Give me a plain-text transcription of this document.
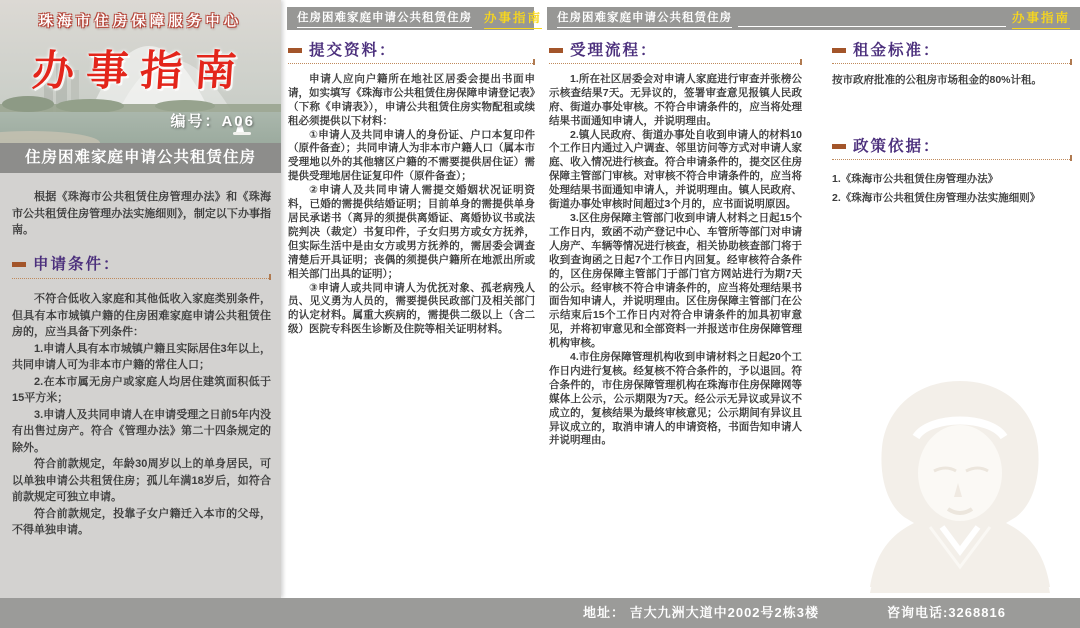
珠海市住房保障服务中心
办事指南
编号：A06
住房困难家庭申请公共租赁住房

根据《珠海市公共租赁住房管理办法》和《珠海市公共租赁住房管理办法实施细则》，制定以下办事指南。

申请条件：

不符合低收入家庭和其他低收入家庭类别条件，但具有本市城镇户籍的住房困难家庭申请公共租赁住房的，应当具备下列条件：

1.申请人具有本市城镇户籍且实际居住3年以上，共同申请人可为非本市户籍的常住人口；

2.在本市属无房户或家庭人均居住建筑面积低于15平方米；

3.申请人及共同申请人在申请受理之日前5年内没有出售过房产。符合《管理办法》第二十四条规定的除外。

符合前款规定，年龄30周岁以上的单身居民，可以单独申请公共租赁住房；孤儿年满18岁后，如符合前款规定可独立申请。

符合前款规定，投靠子女户籍迁入本市的父母，不得单独申请。

住房困难家庭申请公共租赁住房 办事指南 住房困难家庭申请公共租赁住房	办事指南
提交资料：

申请人应向户籍所在地社区居委会提出书面申请，如实填写《珠海市公共租赁住房保障申请登记表》（下称《申请表》），申请公共租赁住房实物配租或续租必须提供以下材料：

①申请人及共同申请人的身份证、户口本复印件（原件备查）；共同申请人为非本市户籍人口（属本市受理地以外的其他辖区户籍的不需要提供居住证）需提供受理地居住证复印件（原件备查）；

②申请人及共同申请人需提交婚姻状况证明资料，已婚的需提供结婚证明；目前单身的需提供单身居民承诺书（离异的须提供离婚证、离婚协议书或法院判决（裁定）书复印件，子女归男方或女方抚养，但实际生活中是由女方或男方抚养的，需居委会调查清楚后开具证明；丧偶的须提供户籍所在地派出所或相关部门出具的证明）；

③申请人或共同申请人为优抚对象、孤老病残人员、见义勇为人员的，需要提供民政部门及相关部门的认定材料。属重大疾病的，需提供二级以上（含二级）医院专科医生诊断及住院等相关证明材料。

受理流程：

1.所在社区居委会对申请人家庭进行审查并张榜公示核查结果7天。无异议的，签署审查意见报镇人民政府、街道办事处审核。不符合申请条件的，应当将处理结果书面通知申请人，并说明理由。

2.镇人民政府、街道办事处自收到申请人的材料10个工作日内通过入户调查、邻里访问等方式对申请人家庭、收入情况进行核查。符合申请条件的，提交区住房保障主管部门审核。对审核不符合申请条件的，应当将处理结果书面通知申请人，并说明理由。镇人民政府、街道办事处审核时间超过3个月的，应书面说明原因。

3.区住房保障主管部门收到申请人材料之日起15个工作日内，致函不动产登记中心、车管所等部门对申请人房产、车辆等情况进行核查，相关协助核查部门将于收到查询函之日起7个工作日内回复。经审核符合条件的，区住房保障主管部门于部门官方网站进行为期7天的公示。经审核不符合申请条件的，应当将处理结果书面告知申请人，并说明理由。区住房保障主管部门在公示结束后15个工作日内对符合申请条件的加具初审意见，并将初审意见和全部资料一并报送市住房保障管理机构审核。

4.市住房保障管理机构收到申请材料之日起20个工作日内进行复核。经复核不符合条件的，予以退回。符合条件的，市住房保障管理机构在珠海市住房保障网等媒体上公示，公示期限为7天。经公示无异议或异议不成立的，复核结果为最终审核意见；公示期间有异议且异议成立的，取消申请人的申请资格，书面告知申请人并说明理由。

租金标准：

按市政府批准的公租房市场租金的80%计租。

政策依据：

1.《珠海市公共租赁住房管理办法》

2.《珠海市公共租赁住房管理办法实施细则》

地址： 吉大九洲大道中2002号2栋3楼	咨询电话:3268816
